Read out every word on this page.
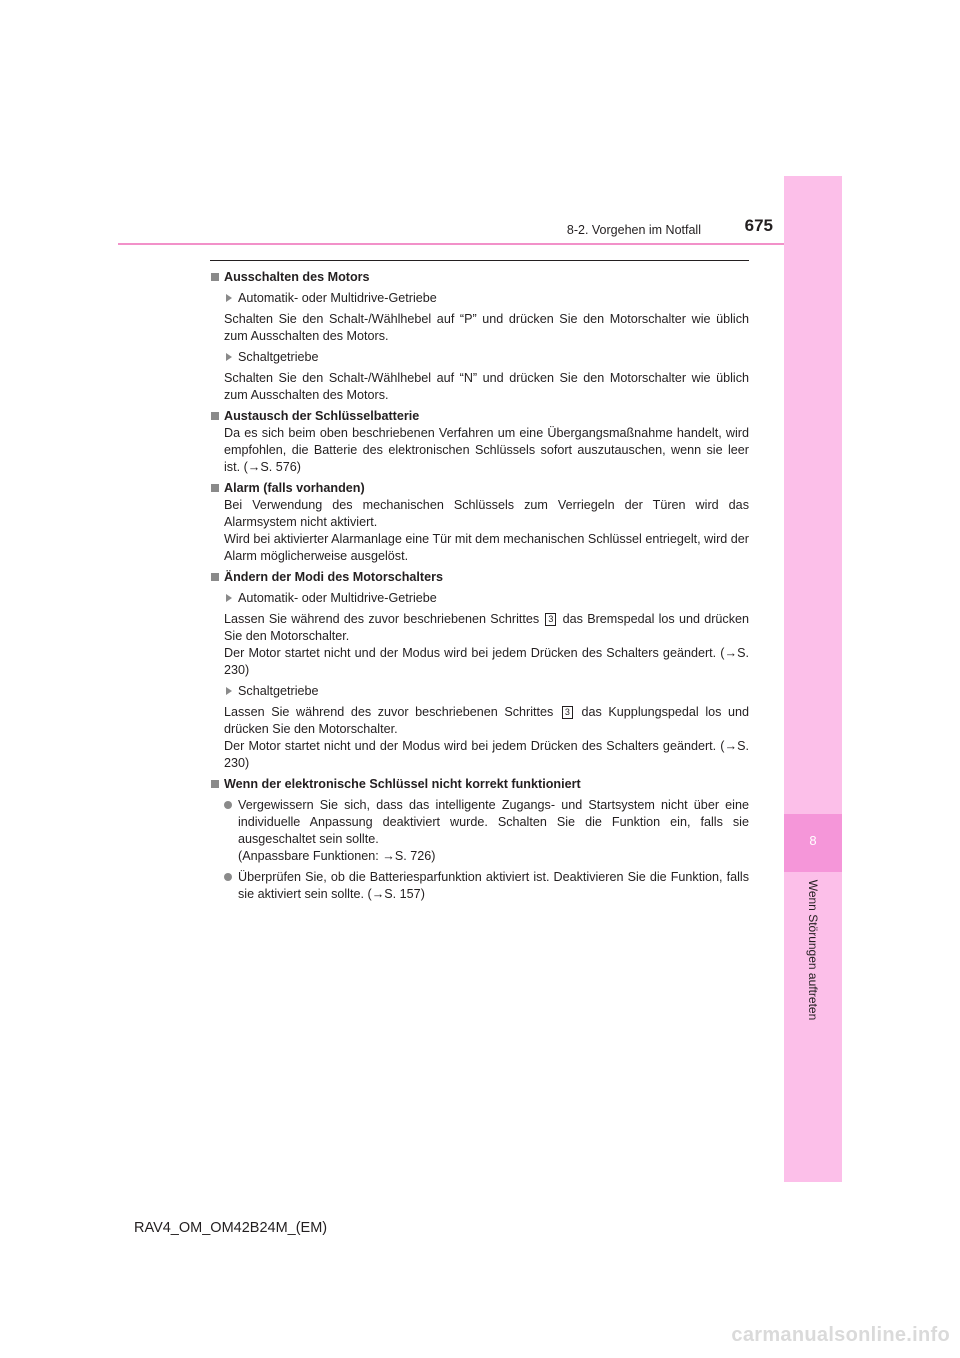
675
8-2. Vorgehen im Notfall
8
Wenn Störungen auftreten

Ausschalten des Motors

Automatik- oder Multidrive-Getriebe

Schalten Sie den Schalt-/Wählhebel auf “P” und drücken Sie den Motorschalter wie üblich zum Ausschalten des Motors.

Schaltgetriebe

Schalten Sie den Schalt-/Wählhebel auf “N” und drücken Sie den Motorschalter wie üblich zum Ausschalten des Motors.

Austausch der Schlüsselbatterie

Da es sich beim oben beschriebenen Verfahren um eine Übergangsmaßnahme handelt, wird empfohlen, die Batterie des elektronischen Schlüssels sofort auszutauschen, wenn sie leer ist. (→S. 576)

Alarm (falls vorhanden)

Bei Verwendung des mechanischen Schlüssels zum Verriegeln der Türen wird das Alarmsystem nicht aktiviert.

Wird bei aktivierter Alarmanlage eine Tür mit dem mechanischen Schlüssel entriegelt, wird der Alarm möglicherweise ausgelöst.

Ändern der Modi des Motorschalters

Automatik- oder Multidrive-Getriebe

Lassen Sie während des zuvor beschriebenen Schrittes 3 das Bremspedal los und drücken Sie den Motorschalter.

Der Motor startet nicht und der Modus wird bei jedem Drücken des Schalters geändert. (→S. 230)

Schaltgetriebe

Lassen Sie während des zuvor beschriebenen Schrittes 3 das Kupplungspedal los und drücken Sie den Motorschalter.

Der Motor startet nicht und der Modus wird bei jedem Drücken des Schalters geändert. (→S. 230)

Wenn der elektronische Schlüssel nicht korrekt funktioniert

Vergewissern Sie sich, dass das intelligente Zugangs- und Startsystem nicht über eine individuelle Anpassung deaktiviert wurde. Schalten Sie die Funktion ein, falls sie ausgeschaltet sein sollte.
(Anpassbare Funktionen: →S. 726)
Überprüfen Sie, ob die Batteriesparfunktion aktiviert ist. Deaktivieren Sie die Funktion, falls sie aktiviert sein sollte. (→S. 157)
RAV4_OM_OM42B24M_(EM)
carmanualsonline.info
